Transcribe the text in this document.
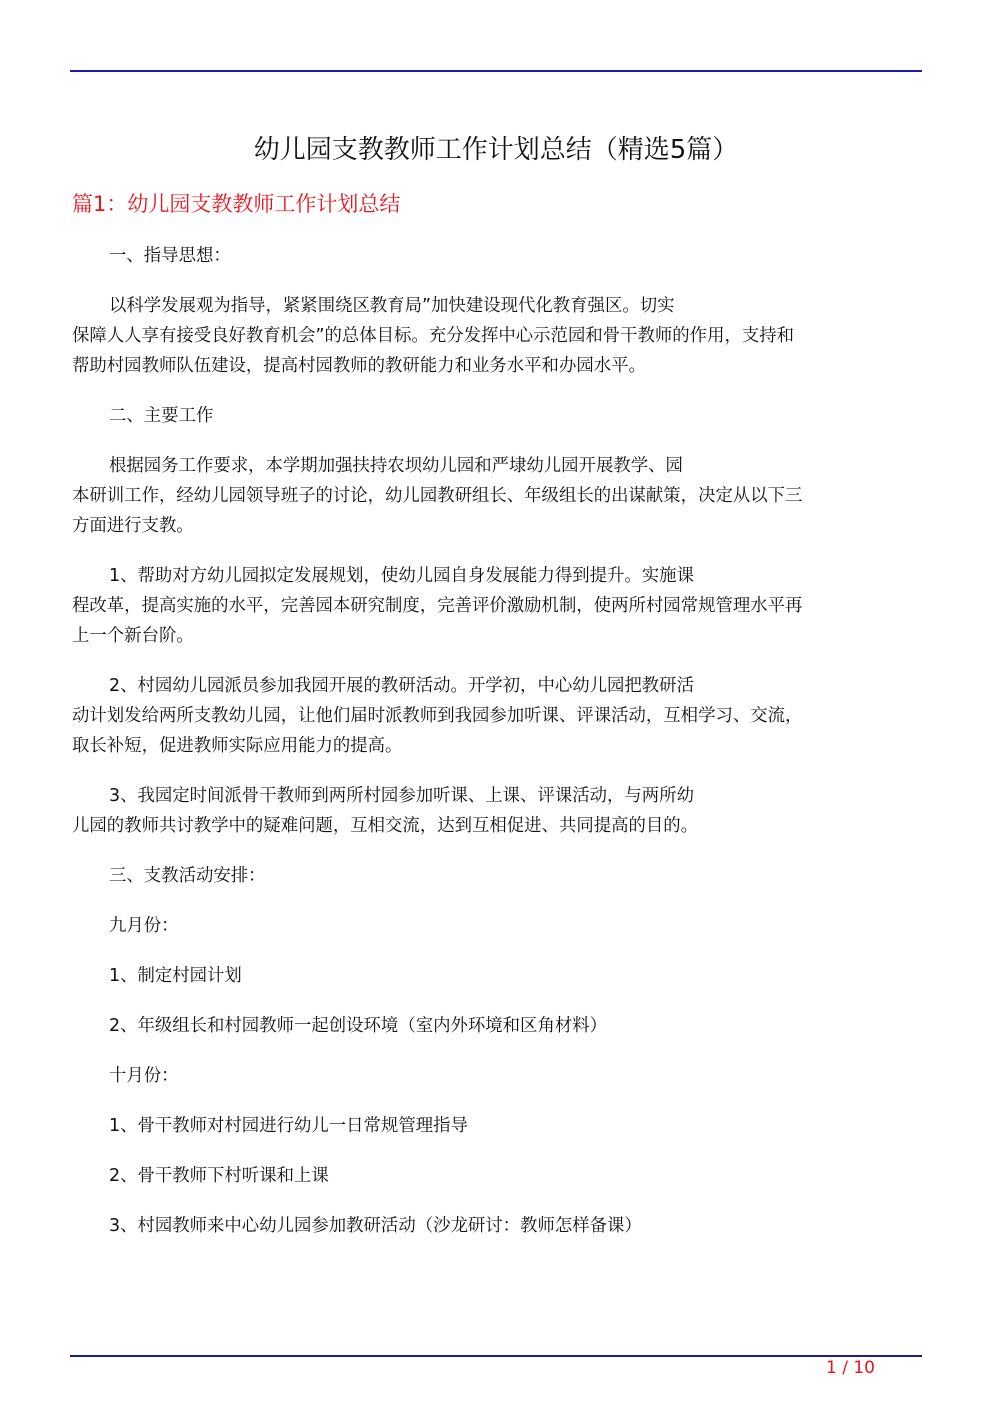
幼儿园支教教师工作计划总结（精选5篇）
篇1：幼儿园支教教师工作计划总结
一、指导思想：
以科学发展观为指导，紧紧围绕区教育局”加快建设现代化教育强区。切实
保障人人享有接受良好教育机会”的总体目标。充分发挥中心示范园和骨干教师的作用，支持和
帮助村园教师队伍建设，提高村园教师的教研能力和业务水平和办园水平。
二、主要工作
根据园务工作要求，本学期加强扶持农坝幼儿园和严埭幼儿园开展教学、园
本研训工作，经幼儿园领导班子的讨论，幼儿园教研组长、年级组长的出谋献策，决定从以下三
方面进行支教。
1、帮助对方幼儿园拟定发展规划，使幼儿园自身发展能力得到提升。实施课
程改革，提高实施的水平，完善园本研究制度，完善评价激励机制，使两所村园常规管理水平再
上一个新台阶。
2、村园幼儿园派员参加我园开展的教研活动。开学初，中心幼儿园把教研活
动计划发给两所支教幼儿园，让他们届时派教师到我园参加听课、评课活动，互相学习、交流，
取长补短，促进教师实际应用能力的提高。
3、我园定时间派骨干教师到两所村园参加听课、上课、评课活动，与两所幼
儿园的教师共讨教学中的疑难问题，互相交流，达到互相促进、共同提高的目的。
三、支教活动安排：
九月份：
1、制定村园计划
2、年级组长和村园教师一起创设环境（室内外环境和区角材料）
十月份：
1、骨干教师对村园进行幼儿一日常规管理指导
2、骨干教师下村听课和上课
3、村园教师来中心幼儿园参加教研活动（沙龙研讨：教师怎样备课）
1 / 10
